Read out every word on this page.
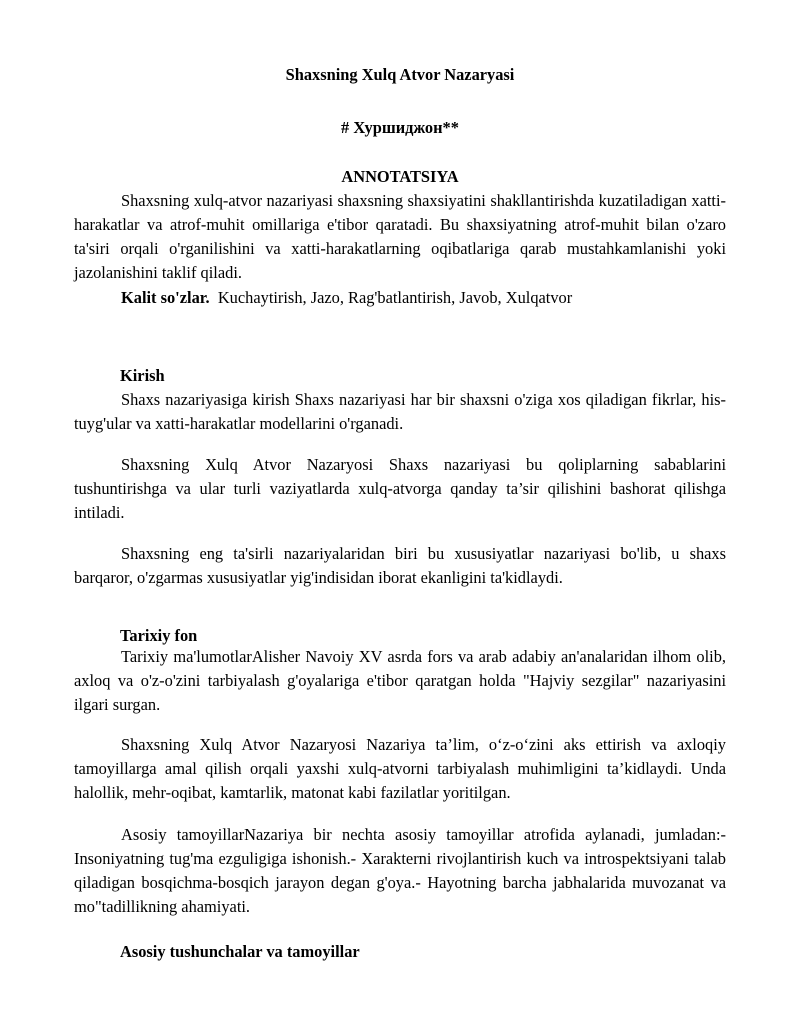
Shaxsning Xulq Atvor Nazaryasi
# Хуршиджон**
ANNOTATSIYA

Shaxsning xulq-atvor nazariyasi shaxsning shaxsiyatini shakllantirishda kuzatiladigan xatti-harakatlar va atrof-muhit omillariga e'tibor qaratadi. Bu shaxsiyatning atrof-muhit bilan o'zaro ta'siri orqali o'rganilishini va xatti-harakatlarning oqibatlariga qarab mustahkamlanishi yoki jazolanishini taklif qiladi.

Kalit so'zlar. Kuchaytirish, Jazo, Rag'batlantirish, Javob, Xulqatvor
Kirish

Shaxs nazariyasiga kirish Shaxs nazariyasi har bir shaxsni o'ziga xos qiladigan fikrlar, his-tuyg'ular va xatti-harakatlar modellarini o'rganadi.

Shaxsning Xulq Atvor Nazaryosi Shaxs nazariyasi bu qoliplarning sabablarini tushuntirishga va ular turli vaziyatlarda xulq-atvorga qanday ta’sir qilishini bashorat qilishga intiladi.

Shaxsning eng ta'sirli nazariyalaridan biri bu xususiyatlar nazariyasi bo'lib, u shaxs barqaror, o'zgarmas xususiyatlar yig'indisidan iborat ekanligini ta'kidlaydi.

Tarixiy fon

Tarixiy ma'lumotlarAlisher Navoiy XV asrda fors va arab adabiy an'analaridan ilhom olib, axloq va o'z-o'zini tarbiyalash g'oyalariga e'tibor qaratgan holda "Hajviy sezgilar" nazariyasini ilgari surgan.

Shaxsning Xulq Atvor Nazaryosi Nazariya ta’lim, o‘z-o‘zini aks ettirish va axloqiy tamoyillarga amal qilish orqali yaxshi xulq-atvorni tarbiyalash muhimligini ta’kidlaydi. Unda halollik, mehr-oqibat, kamtarlik, matonat kabi fazilatlar yoritilgan.

Asosiy tamoyillarNazariya bir nechta asosiy tamoyillar atrofida aylanadi, jumladan:- Insoniyatning tug'ma ezguligiga ishonish.- Xarakterni rivojlantirish kuch va introspektsiyani talab qiladigan bosqichma-bosqich jarayon degan g'oya.- Hayotning barcha jabhalarida muvozanat va mo"tadillikning ahamiyati.

Asosiy tushunchalar va tamoyillar
